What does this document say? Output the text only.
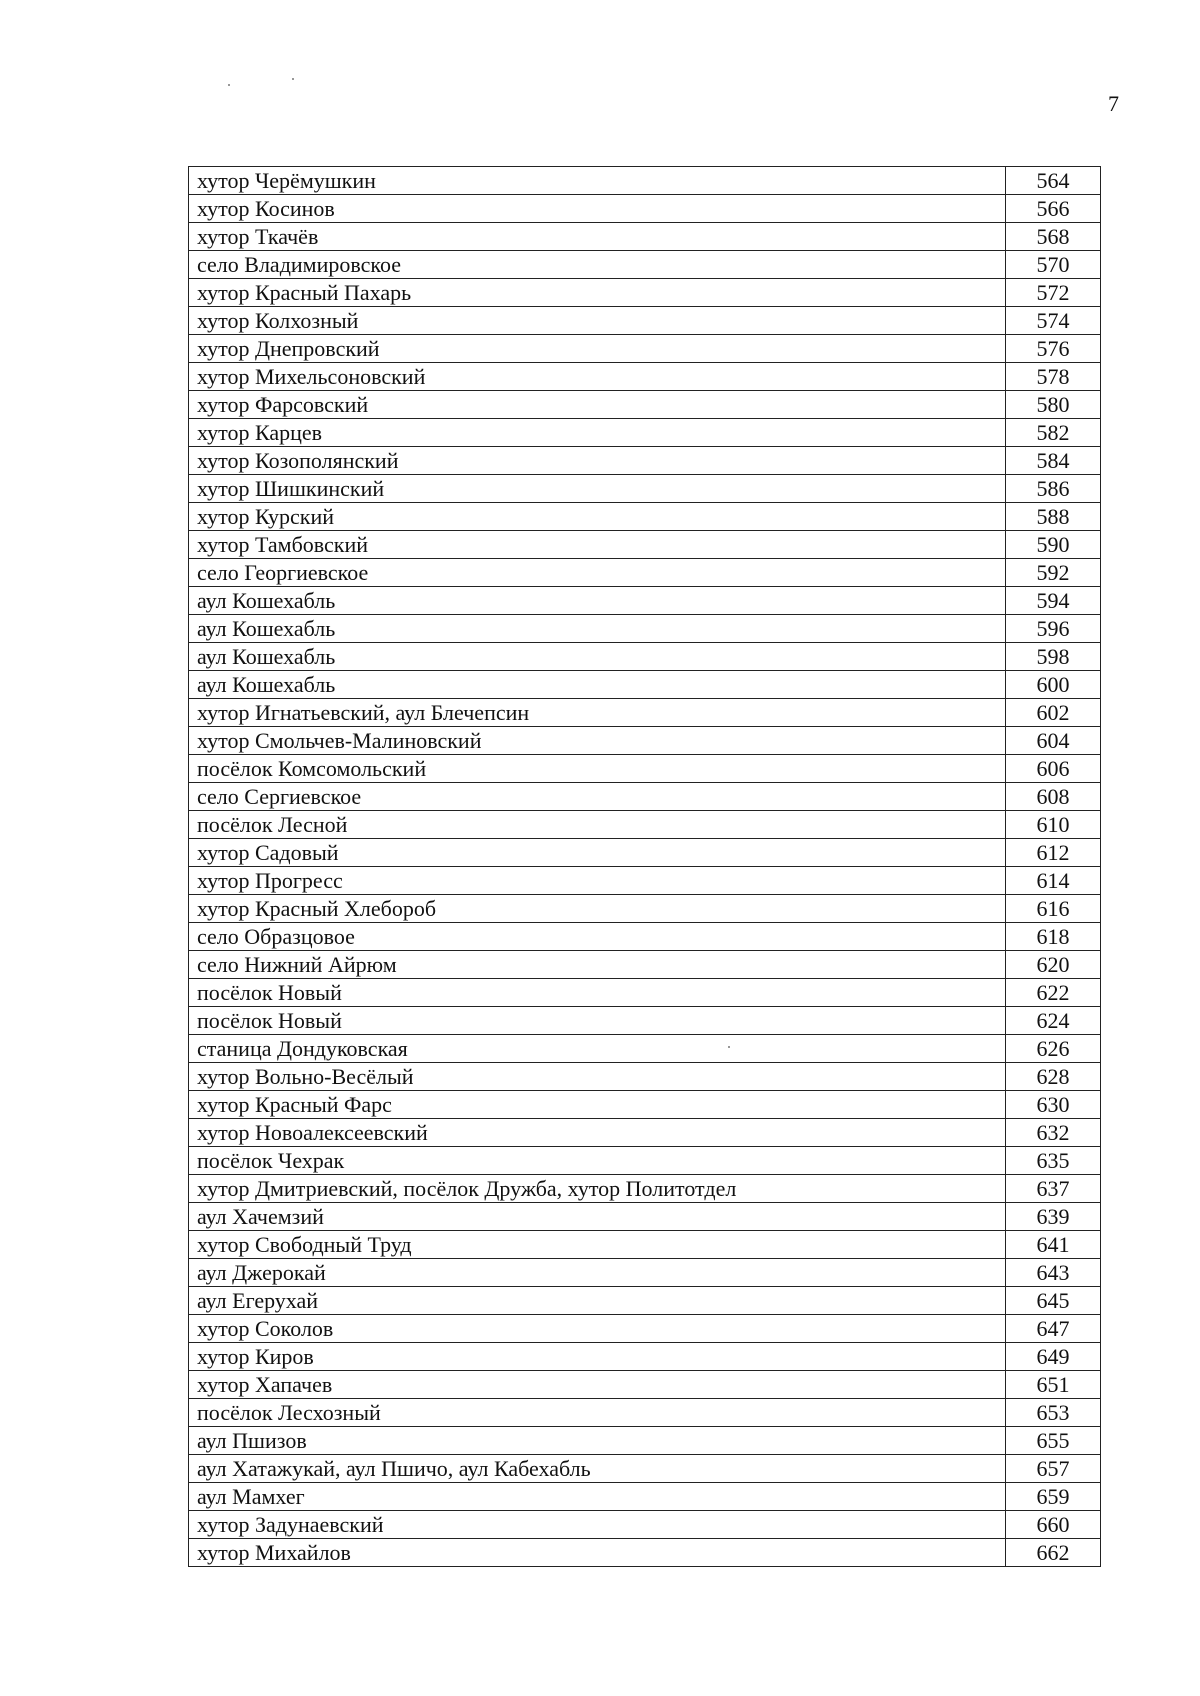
7
хутор Черёмушкин	564
хутор Косинов	566
хутор Ткачёв	568
село Владимировское	570
хутор Красный Пахарь	572
хутор Колхозный	574
хутор Днепровский	576
хутор Михельсоновский	578
хутор Фарсовский	580
хутор Карцев	582
хутор Козополянский	584
хутор Шишкинский	586
хутор Курский	588
хутор Тамбовский	590
село Георгиевское	592
аул Кошехабль	594
аул Кошехабль	596
аул Кошехабль	598
аул Кошехабль	600
хутор Игнатьевский, аул Блечепсин	602
хутор Смольчев-Малиновский	604
посёлок Комсомольский	606
село Сергиевское	608
посёлок Лесной	610
хутор Садовый	612
хутор Прогресс	614
хутор Красный Хлебороб	616
село Образцовое	618
село Нижний Айрюм	620
посёлок Новый	622
посёлок Новый	624
станица Дондуковская	626
хутор Вольно-Весёлый	628
хутор Красный Фарс	630
хутор Новоалексеевский	632
посёлок Чехрак	635
хутор Дмитриевский, посёлок Дружба, хутор Политотдел	637
аул Хачемзий	639
хутор Свободный Труд	641
аул Джерокай	643
аул Егерухай	645
хутор Соколов	647
хутор Киров	649
хутор Хапачев	651
посёлок Лесхозный	653
аул Пшизов	655
аул Хатажукай, аул Пшичо, аул Кабехабль	657
аул Мамхег	659
хутор Задунаевский	660
хутор Михайлов	662
